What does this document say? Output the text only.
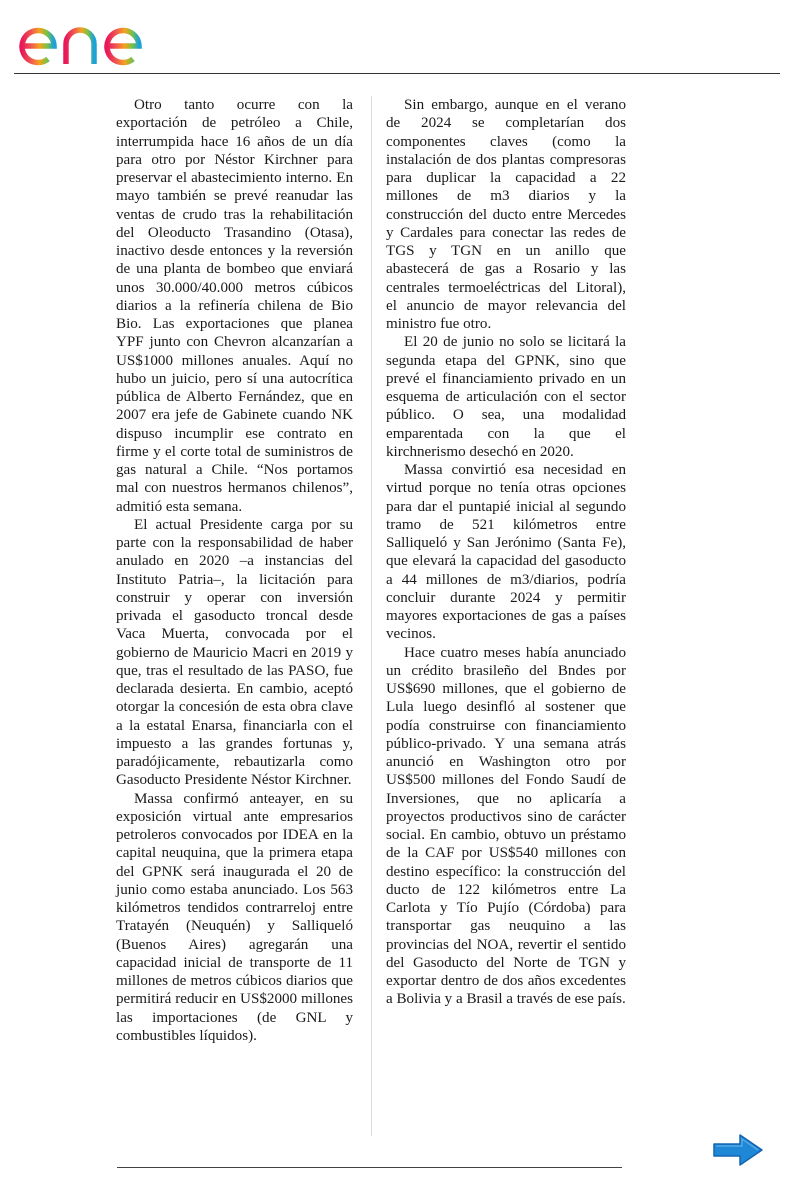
Otro tanto ocurre con la exportación de petróleo a Chile, interrumpida hace 16 años de un día para otro por Néstor Kirchner para preservar el abastecimiento interno. En mayo también se prevé reanudar las ventas de crudo tras la rehabilitación del Oleoducto Trasandino (Otasa), inactivo desde entonces y la reversión de una planta de bombeo que enviará unos 30.000/40.000 metros cúbicos diarios a la refinería chilena de Bio Bio. Las exportaciones que planea YPF junto con Chevron alcanzarían a US$1000 millones anuales. Aquí no hubo un juicio, pero sí una autocrítica pública de Alberto Fernández, que en 2007 era jefe de Gabinete cuando NK dispuso incumplir ese contrato en firme y el corte total de suministros de gas natural a Chile. “Nos portamos mal con nuestros hermanos chilenos”, admitió esta semana.

El actual Presidente carga por su parte con la responsabilidad de haber anulado en 2020 –a instancias del Instituto Patria–, la licitación para construir y operar con inversión privada el gasoducto troncal desde Vaca Muerta, convocada por el gobierno de Mauricio Macri en 2019 y que, tras el resultado de las PASO, fue declarada desierta. En cambio, aceptó otorgar la concesión de esta obra clave a la estatal Enarsa, financiarla con el impuesto a las grandes fortunas y, paradójicamente, rebautizarla como Gasoducto Presidente Néstor Kirchner.

Massa confirmó anteayer, en su exposición virtual ante empresarios petroleros convocados por IDEA en la capital neuquina, que la primera etapa del GPNK será inaugurada el 20 de junio como estaba anunciado. Los 563 kilómetros tendidos contrarreloj entre Tratayén (Neuquén) y Salliqueló (Buenos Aires) agregarán una capacidad inicial de transporte de 11 millones de metros cúbicos diarios que permitirá reducir en US$2000 millones las importaciones (de GNL y combustibles líquidos).

Sin embargo, aunque en el verano de 2024 se completarían dos componentes claves (como la instalación de dos plantas compresoras para duplicar la capacidad a 22 millones de m3 diarios y la construcción del ducto entre Mercedes y Cardales para conectar las redes de TGS y TGN en un anillo que abastecerá de gas a Rosario y las centrales termoeléctricas del Litoral), el anuncio de mayor relevancia del ministro fue otro.

El 20 de junio no solo se licitará la segunda etapa del GPNK, sino que prevé el financiamiento privado en un esquema de articulación con el sector público. O sea, una modalidad emparentada con la que el kirchnerismo desechó en 2020.

Massa convirtió esa necesidad en virtud porque no tenía otras opciones para dar el puntapié inicial al segundo tramo de 521 kilómetros entre Salliqueló y San Jerónimo (Santa Fe), que elevará la capacidad del gasoducto a 44 millones de m3/diarios, podría concluir durante 2024 y permitir mayores exportaciones de gas a países vecinos.

Hace cuatro meses había anunciado un crédito brasileño del Bndes por US$690 millones, que el gobierno de Lula luego desinfló al sostener que podía construirse con financiamiento público-privado. Y una semana atrás anunció en Washington otro por US$500 millones del Fondo Saudí de Inversiones, que no aplicaría a proyectos productivos sino de carácter social. En cambio, obtuvo un préstamo de la CAF por US$540 millones con destino específico: la construcción del ducto de 122 kilómetros entre La Carlota y Tío Pujío (Córdoba) para transportar gas neuquino a las provincias del NOA, revertir el sentido del Gasoducto del Norte de TGN y exportar dentro de dos años excedentes a Bolivia y a Brasil a través de ese país.
